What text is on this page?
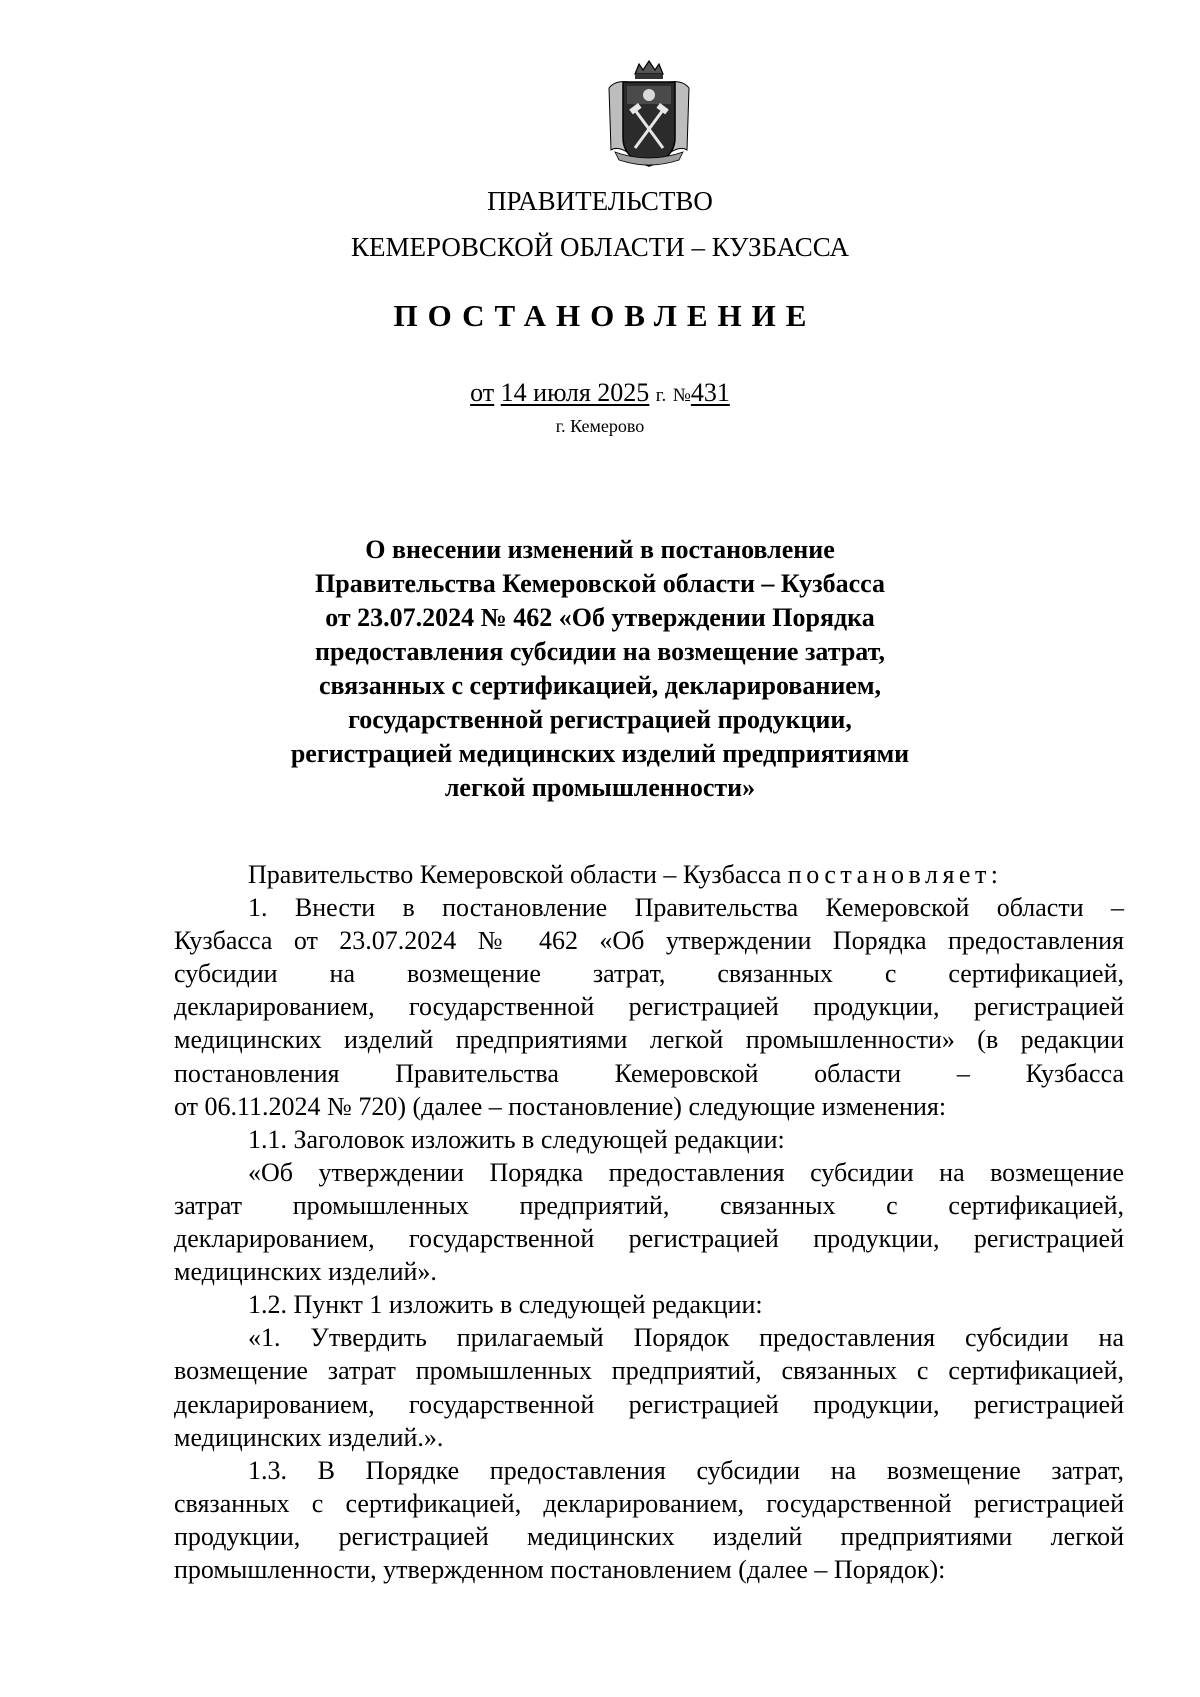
ПРАВИТЕЛЬСТВО
КЕМЕРОВСКОЙ ОБЛАСТИ – КУЗБАССА
ПОСТАНОВЛЕНИЕ
от 14 июля 2025 г. №431
г. Кемерово
О внесении изменений в постановление
Правительства Кемеровской области – Кузбасса
от 23.07.2024 № 462 «Об утверждении Порядка
предоставления субсидии на возмещение затрат,
связанных с сертификацией, декларированием,
государственной регистрацией продукции,
регистрацией медицинских изделий предприятиями
легкой промышленности»
Правительство Кемеровской области – Кузбасса постановляет:
1. Внести в постановление Правительства Кемеровской области –
Кузбасса от 23.07.2024 № 462 «Об утверждении Порядка предоставления
субсидии на возмещение затрат, связанных с сертификацией,
декларированием, государственной регистрацией продукции, регистрацией
медицинских изделий предприятиями легкой промышленности» (в редакции
постановления Правительства Кемеровской области – Кузбасса
от 06.11.2024 № 720) (далее – постановление) следующие изменения:
1.1. Заголовок изложить в следующей редакции:
«Об утверждении Порядка предоставления субсидии на возмещение
затрат промышленных предприятий, связанных с сертификацией,
декларированием, государственной регистрацией продукции, регистрацией
медицинских изделий».
1.2. Пункт 1 изложить в следующей редакции:
«1. Утвердить прилагаемый Порядок предоставления субсидии на
возмещение затрат промышленных предприятий, связанных с сертификацией,
декларированием, государственной регистрацией продукции, регистрацией
медицинских изделий.».
1.3. В Порядке предоставления субсидии на возмещение затрат,
связанных с сертификацией, декларированием, государственной регистрацией
продукции, регистрацией медицинских изделий предприятиями легкой
промышленности, утвержденном постановлением (далее – Порядок):
